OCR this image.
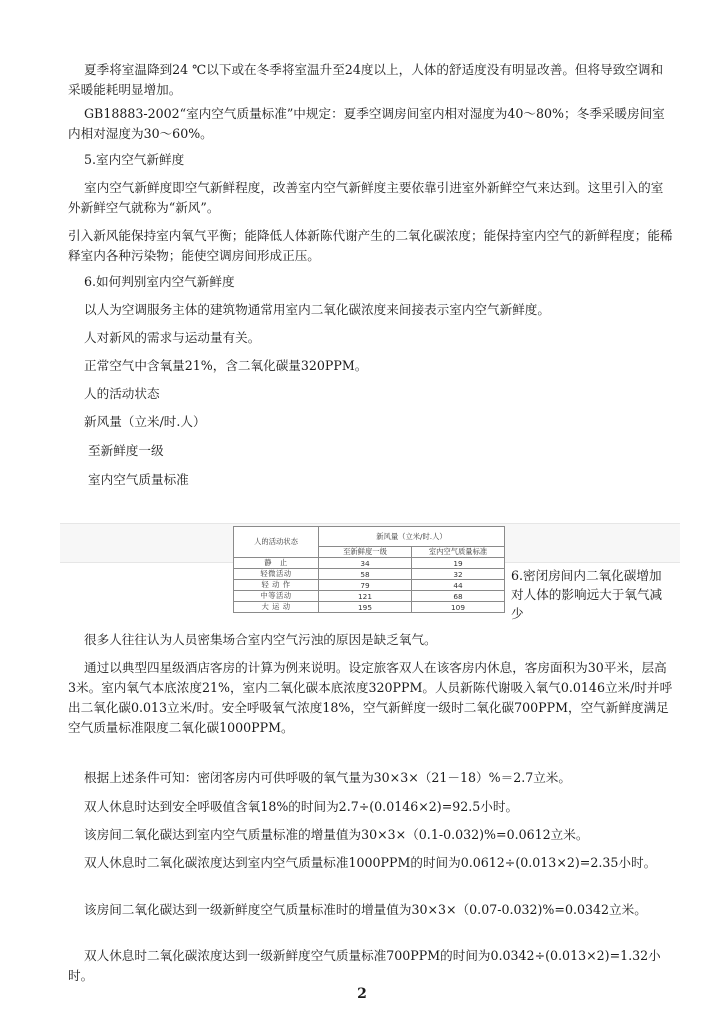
夏季将室温降到24 ℃以下或在冬季将室温升至24度以上，人体的舒适度没有明显改善。但将导致空调和采暖能耗明显增加。

GB18883-2002“室内空气质量标准”中规定：夏季空调房间室内相对湿度为40～80%；冬季采暖房间室内相对湿度为30～60%。

5.室内空气新鲜度

室内空气新鲜度即空气新鲜程度，改善室内空气新鲜度主要依靠引进室外新鲜空气来达到。这里引入的室外新鲜空气就称为“新风”。

引入新风能保持室内氧气平衡；能降低人体新陈代谢产生的二氧化碳浓度；能保持室内空气的新鲜程度；能稀释室内各种污染物；能使空调房间形成正压。

6.如何判别室内空气新鲜度

以人为空调服务主体的建筑物通常用室内二氧化碳浓度来间接表示室内空气新鲜度。

人对新风的需求与运动量有关。

正常空气中含氧量21%，含二氧化碳量320PPM。

人的活动状态

新风量（立米/时.人）

至新鲜度一级

室内空气质量标准

人的活动状态	新风量（立米/时.人）	
	至新鲜度一级	室内空气质量标准
静　止	34	19
轻微活动	58	32
轻 动 作	79	44
中等活动	121	68
大 运 动	195	109
6.密闭房间内二氧化碳增加对人体的影响远大于氧气减少

很多人往往认为人员密集场合室内空气污浊的原因是缺乏氧气。

通过以典型四星级酒店客房的计算为例来说明。设定旅客双人在该客房内休息，客房面积为30平米，层高3米。室内氧气本底浓度21%，室内二氧化碳本底浓度320PPM。人员新陈代谢吸入氧气0.0146立米/时并呼出二氧化碳0.013立米/时。安全呼吸氧气浓度18%，空气新鲜度一级时二氧化碳700PPM，空气新鲜度满足空气质量标准限度二氧化碳1000PPM。

根据上述条件可知：密闭客房内可供呼吸的氧气量为30×3×（21－18）%＝2.7立米。

双人休息时达到安全呼吸值含氧18%的时间为2.7÷(0.0146×2)=92.5小时。

该房间二氧化碳达到室内空气质量标准的增量值为30×3×（0.1-0.032)%=0.0612立米。

双人休息时二氧化碳浓度达到室内空气质量标准1000PPM的时间为0.0612÷(0.013×2)=2.35小时。

该房间二氧化碳达到一级新鲜度空气质量标准时的增量值为30×3×（0.07-0.032)%=0.0342立米。

双人休息时二氧化碳浓度达到一级新鲜度空气质量标准700PPM的时间为0.0342÷(0.013×2)=1.32小时。

2
